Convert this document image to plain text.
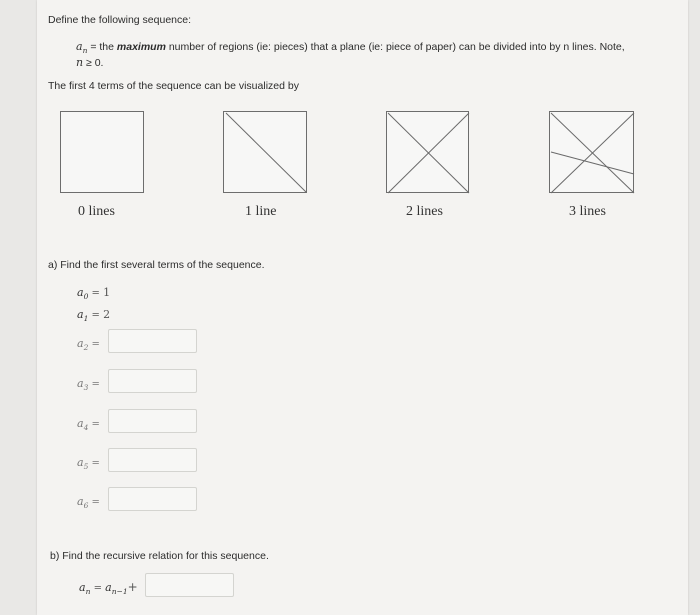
Define the following sequence:
$a_n$ = the maximum number of regions (ie: pieces) that a plane (ie: piece of paper) can be divided into by n lines. Note,
n ≥ 0.
The first 4 terms of the sequence can be visualized by
0 lines	1 line	2 lines	3 lines
a) Find the first several terms of the sequence.
$a_0 = 1$
$a_1 = 2$
$a_2$ =
$a_3$ =
$a_4$ =
$a_5$ =
$a_6$ =
b) Find the recursive relation for this sequence.
$a_n = a_{n-1}+$
